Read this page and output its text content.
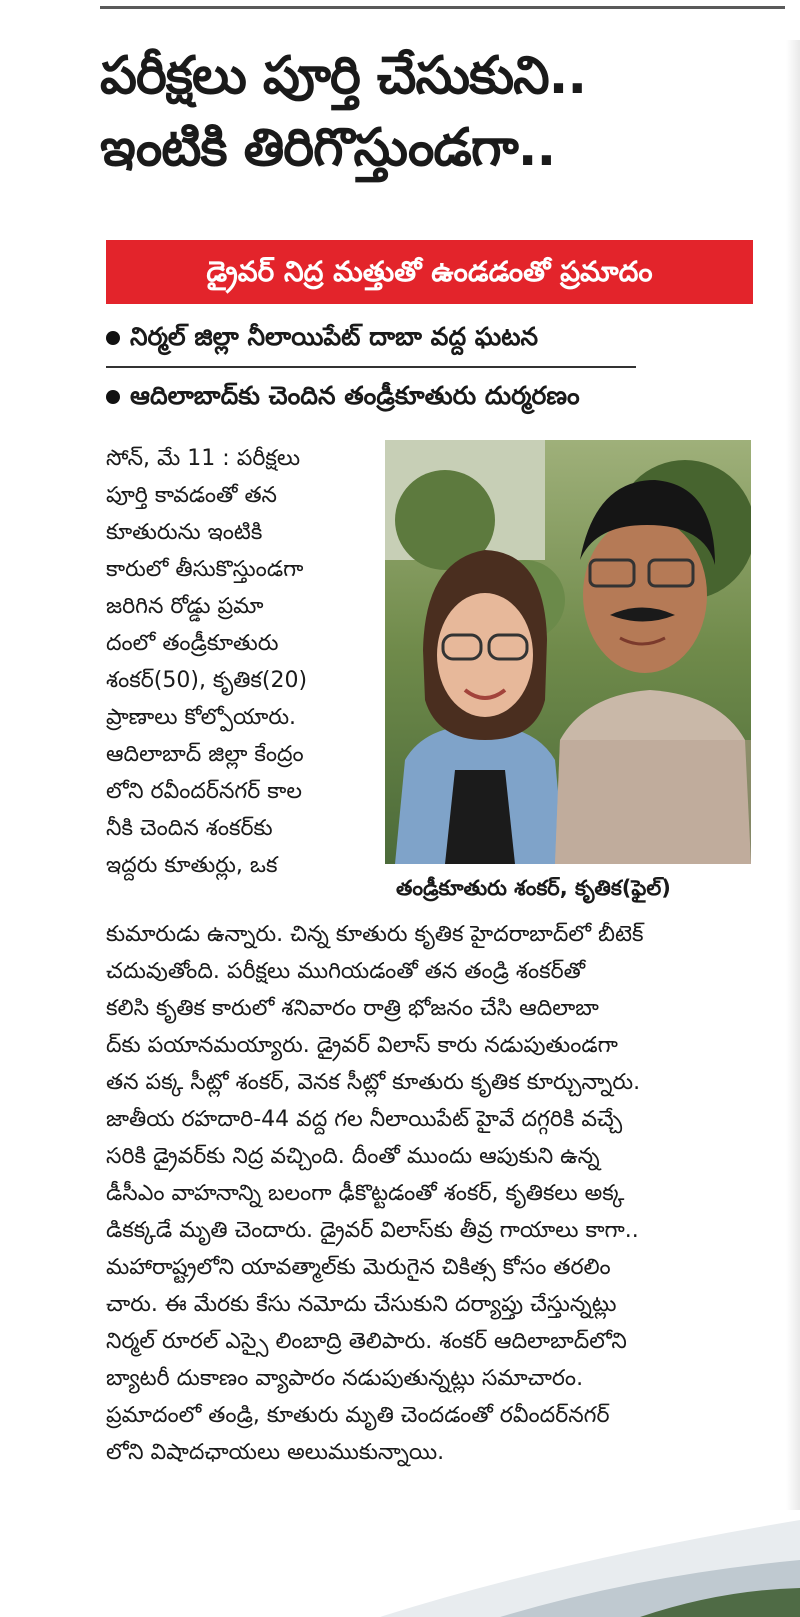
పరీక్షలు పూర్తి చేసుకుని..
ఇంటికి తిరిగొస్తుండగా..
డ్రైవర్ నిద్ర మత్తుతో ఉండడంతో ప్రమాదం
నిర్మల్ జిల్లా నీలాయిపేట్ దాబా వద్ద ఘటన
ఆదిలాబాద్‌కు చెందిన తండ్రీకూతురు దుర్మరణం
సోన్, మే 11 : పరీక్షలు
పూర్తి కావడంతో తన
కూతురును ఇంటికి
కారులో తీసుకొస్తుండగా
జరిగిన రోడ్డు ప్రమా
దంలో తండ్రీకూతురు
శంకర్(50), కృతిక(20)
ప్రాణాలు కోల్పోయారు.
ఆదిలాబాద్ జిల్లా కేంద్రం
లోని రవీందర్‌నగర్ కాల
నీకి చెందిన శంకర్‌కు
ఇద్దరు కూతుర్లు, ఒక
తండ్రీకూతురు శంకర్, కృతిక(ఫైల్)
కుమారుడు ఉన్నారు. చిన్న కూతురు కృతిక హైదరాబాద్‌లో బీటెక్
చదువుతోంది. పరీక్షలు ముగియడంతో తన తండ్రి శంకర్‌తో
కలిసి కృతిక కారులో శనివారం రాత్రి భోజనం చేసి ఆదిలాబా
ద్‌కు పయానమయ్యారు. డ్రైవర్ విలాస్ కారు నడుపుతుండగా
తన పక్క సీట్లో శంకర్, వెనక సీట్లో కూతురు కృతిక కూర్చున్నారు.
జాతీయ రహదారి-44 వద్ద గల నీలాయిపేట్ హైవే దగ్గరికి వచ్చే
సరికి డ్రైవర్‌కు నిద్ర వచ్చింది. దీంతో ముందు ఆపుకుని ఉన్న
డీసీఎం వాహనాన్ని బలంగా ఢీకొట్టడంతో శంకర్, కృతికలు అక్క
డికక్కడే మృతి చెందారు. డ్రైవర్ విలాస్‌కు తీవ్ర గాయాలు కాగా..
మహారాష్ట్రలోని యావత్మాల్‌కు మెరుగైన చికిత్స కోసం తరలిం
చారు. ఈ మేరకు కేసు నమోదు చేసుకుని దర్యాప్తు చేస్తున్నట్లు
నిర్మల్ రూరల్ ఎస్సై లింబాద్రి తెలిపారు. శంకర్ ఆదిలాబాద్‌లోని
బ్యాటరీ దుకాణం వ్యాపారం నడుపుతున్నట్లు సమాచారం.
ప్రమాదంలో తండ్రి, కూతురు మృతి చెందడంతో రవీందర్‌నగర్
లోని విషాదఛాయలు అలుముకున్నాయి.
